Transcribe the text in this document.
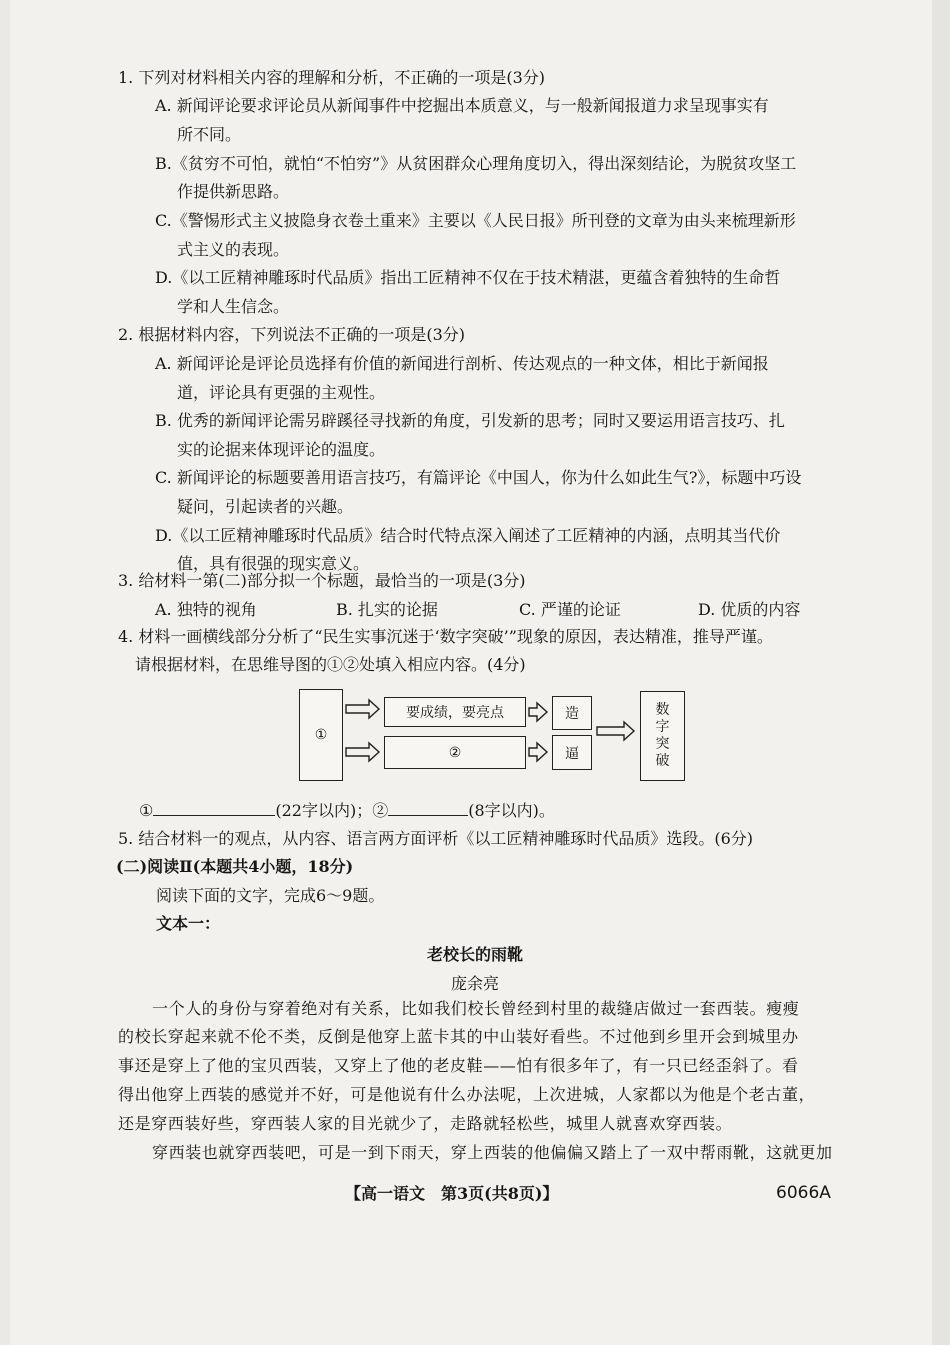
1. 下列对材料相关内容的理解和分析，不正确的一项是(3分)
A. 新闻评论要求评论员从新闻事件中挖掘出本质意义，与一般新闻报道力求呈现事实有
所不同。
B.《贫穷不可怕，就怕“不怕穷”》从贫困群众心理角度切入，得出深刻结论，为脱贫攻坚工
作提供新思路。
C.《警惕形式主义披隐身衣卷土重来》主要以《人民日报》所刊登的文章为由头来梳理新形
式主义的表现。
D.《以工匠精神雕琢时代品质》指出工匠精神不仅在于技术精湛，更蕴含着独特的生命哲
学和人生信念。
2. 根据材料内容，下列说法不正确的一项是(3分)
A. 新闻评论是评论员选择有价值的新闻进行剖析、传达观点的一种文体，相比于新闻报
道，评论具有更强的主观性。
B. 优秀的新闻评论需另辟蹊径寻找新的角度，引发新的思考；同时又要运用语言技巧、扎
实的论据来体现评论的温度。
C. 新闻评论的标题要善用语言技巧，有篇评论《中国人，你为什么如此生气?》，标题中巧设
疑问，引起读者的兴趣。
D.《以工匠精神雕琢时代品质》结合时代特点深入阐述了工匠精神的内涵，点明其当代价
值，具有很强的现实意义。
3. 给材料一第(二)部分拟一个标题，最恰当的一项是(3分)
A. 独特的视角	B. 扎实的论据	C. 严谨的论证	D. 优质的内容
4. 材料一画横线部分分析了“民生实事沉迷于‘数字突破’”现象的原因，表达精准，推导严谨。
请根据材料，在思维导图的①②处填入相应内容。(4分)
①
要成绩，要亮点
②
造
逼
数
字
突
破
①	(22字以内)；②	(8字以内)。
5. 结合材料一的观点，从内容、语言两方面评析《以工匠精神雕琢时代品质》选段。(6分)
(二)阅读Ⅱ(本题共4小题，18分)
阅读下面的文字，完成6～9题。
文本一：
老校长的雨靴
庞余亮
一个人的身份与穿着绝对有关系，比如我们校长曾经到村里的裁缝店做过一套西装。瘦瘦
的校长穿起来就不伦不类，反倒是他穿上蓝卡其的中山装好看些。不过他到乡里开会到城里办
事还是穿上了他的宝贝西装，又穿上了他的老皮鞋——怕有很多年了，有一只已经歪斜了。看
得出他穿上西装的感觉并不好，可是他说有什么办法呢，上次进城，人家都以为他是个老古董，
还是穿西装好些，穿西装人家的目光就少了，走路就轻松些，城里人就喜欢穿西装。
穿西装也就穿西装吧，可是一到下雨天，穿上西装的他偏偏又踏上了一双中帮雨靴，这就更加
【高一语文　第3页(共8页)】	6066A
